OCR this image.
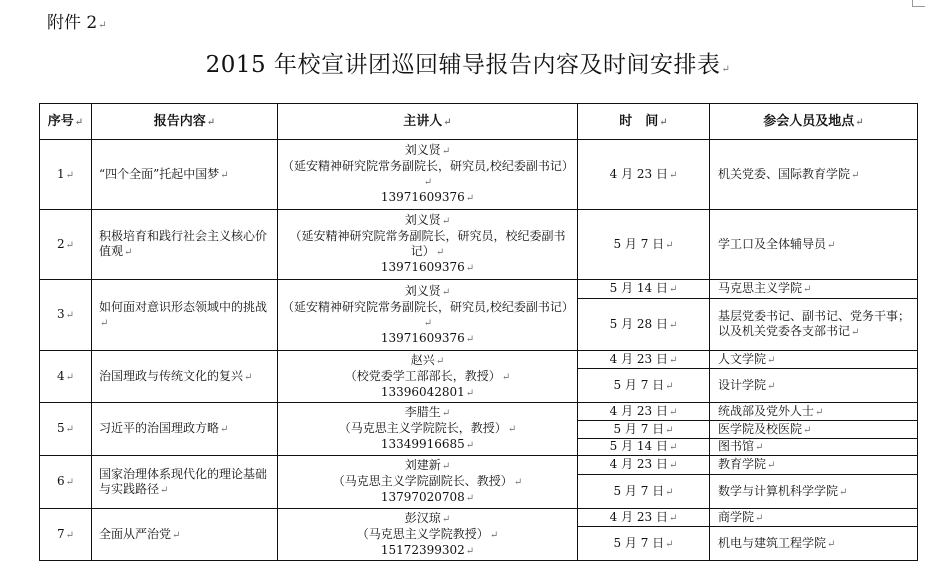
附件 2↵
2015 年校宣讲团巡回辅导报告内容及时间安排表↵
序号↵	报告内容↵	主讲人↵	时　间↵	参会人员及地点↵
1↵	“四个全面”托起中国梦↵	刘义贤↵
（延安精神研究院常务副院长，研究员,校纪委副书记）↵
13971609376↵	4 月 23 日↵	机关党委、国际教育学院↵
2↵	积极培育和践行社会主义核心价值观↵	刘义贤↵
（延安精神研究院常务副院长，研究员，校纪委副书记）↵
13971609376↵	5 月 7 日↵	学工口及全体辅导员↵
3↵	如何面对意识形态领域中的挑战↵	刘义贤↵
（延安精神研究院常务副院长，研究员,校纪委副书记）↵
13971609376↵	5 月 14 日↵	马克思主义学院↵
			5 月 28 日↵	基层党委书记、副书记、党务干事；以及机关党委各支部书记↵
4↵	治国理政与传统文化的复兴↵	赵兴↵
（校党委学工部部长，教授）↵
13396042801↵	4 月 23 日↵	人文学院↵
			5 月 7 日↵	设计学院↵
5↵	习近平的治国理政方略↵	李腊生↵
（马克思主义学院院长，教授）↵
13349916685↵	4 月 23 日↵	统战部及党外人士↵
			5 月 7 日↵	医学院及校医院↵
			5 月 14 日↵	图书馆↵
6↵	国家治理体系现代化的理论基础与实践路径↵	刘建新↵
（马克思主义学院副院长、教授）↵
13797020708↵	4 月 23 日↵	教育学院↵
			5 月 7 日↵	数学与计算机科学学院↵
7↵	全面从严治党↵	彭汉琼↵
（马克思主义学院教授）↵
15172399302↵	4 月 23 日↵	商学院↵
			5 月 7 日↵	机电与建筑工程学院↵
